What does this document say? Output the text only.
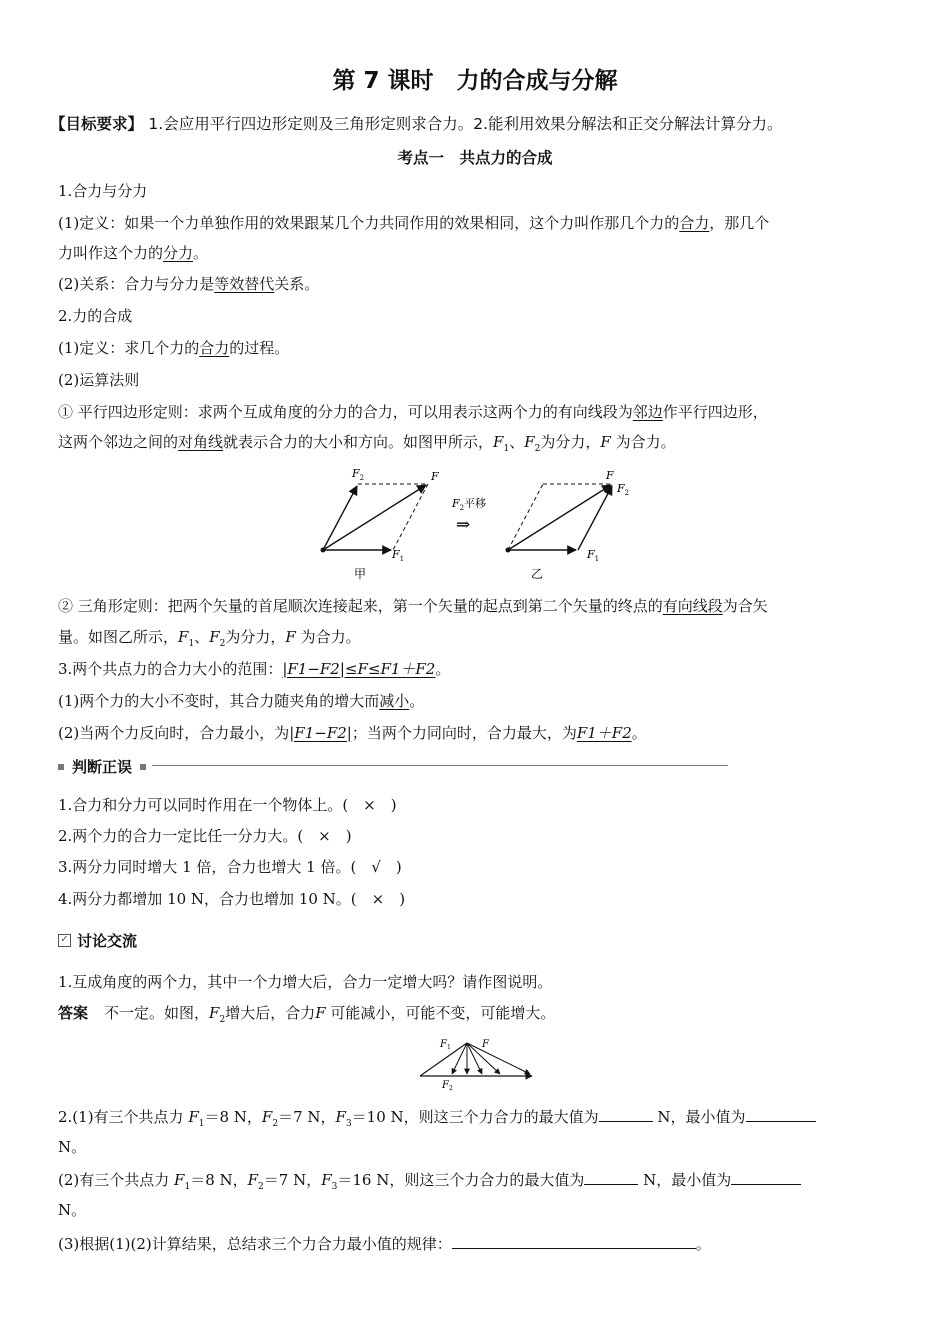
第 7 课时　力的合成与分解
【目标要求】 1.会应用平行四边形定则及三角形定则求合力。2.能利用效果分解法和正交分解法计算分力。
考点一　共点力的合成
1.合力与分力
(1)定义：如果一个力单独作用的效果跟某几个力共同作用的效果相同，这个力叫作那几个力的合力，那几个
力叫作这个力的分力。
(2)关系：合力与分力是等效替代关系。
2.力的合成
(1)定义：求几个力的合力的过程。
(2)运算法则
① 平行四边形定则：求两个互成角度的分力的合力，可以用表示这两个力的有向线段为邻边作平行四边形，
这两个邻边之间的对角线就表示合力的大小和方向。如图甲所示，$F_1$、$F_2$为分力，F 为合力。
$F_2$	F
$F_1$
甲
$F_2$平移
⇒
F
$F_2$
$F_1$
乙
② 三角形定则：把两个矢量的首尾顺次连接起来，第一个矢量的起点到第二个矢量的终点的有向线段为合矢
量。如图乙所示，$F_1$、$F_2$为分力，F 为合力。
3.两个共点力的合力大小的范围：|F1−F2|≤F≤F1＋F2。
(1)两个力的大小不变时，其合力随夹角的增大而减小。
(2)当两个力反向时，合力最小，为|F1−F2|；当两个力同向时，合力最大，为F1＋F2。
判断正误
1.合力和分力可以同时作用在一个物体上。(　×　)
2.两个力的合力一定比任一分力大。(　×　)
3.两分力同时增大 1 倍，合力也增大 1 倍。(　√　)
4.两分力都增加 10 N，合力也增加 10 N。(　×　)
✓ 讨论交流
1.互成角度的两个力，其中一个力增大后，合力一定增大吗？请作图说明。
答案 不一定。如图，$F_2$增大后，合力F 可能减小，可能不变，可能增大。
$F_1$	F
$F_2$
2.(1)有三个共点力 $F_1=8$ N，$F_2=7$ N，$F_3=10$ N，则这三个力合力的最大值为	N，最小值为
N。
(2)有三个共点力 $F_1=8$ N，$F_2=7$ N，$F_3=16$ N，则这三个力合力的最大值为	N，最小值为
N。
(3)根据(1)(2)计算结果，总结求三个力合力最小值的规律：	。
